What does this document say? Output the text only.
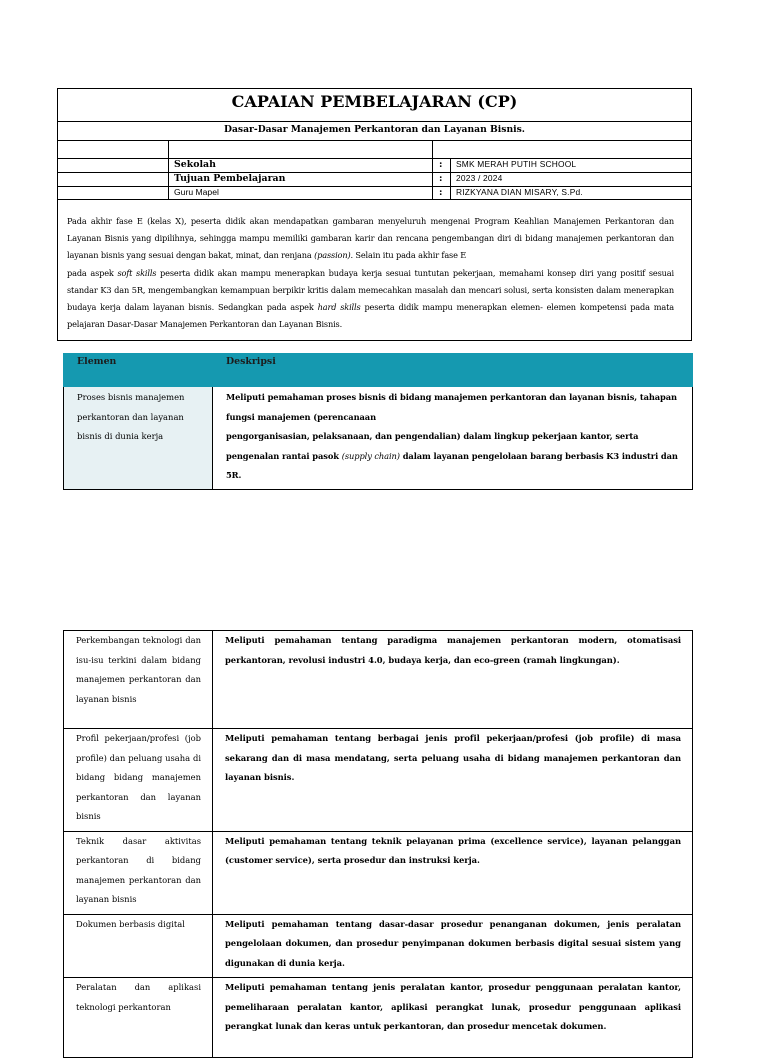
CAPAIAN PEMBELAJARAN (CP)
Dasar-Dasar Manajemen Perkantoran dan Layanan Bisnis.
Sekolah	: SMK MERAH PUTIH SCHOOL
Tujuan Pembelajaran	: 2023 / 2024
Guru Mapel	: RIZKYANA DIAN MISARY, S.Pd.

Pada akhir fase E (kelas X), peserta didik akan mendapatkan gambaran menyeluruh mengenai Program Keahlian Manajemen Perkantoran dan Layanan Bisnis yang dipilihnya, sehingga mampu memiliki gambaran karir dan rencana pengembangan diri di bidang manajemen perkantoran dan layanan bisnis yang sesuai dengan bakat, minat, dan renjana (passion). Selain itu pada akhir fase E

pada aspek soft skills peserta didik akan mampu menerapkan budaya kerja sesuai tuntutan pekerjaan, memahami konsep diri yang positif sesuai standar K3 dan 5R, mengembangkan kemampuan berpikir kritis dalam memecahkan masalah dan mencari solusi, serta konsisten dalam menerapkan budaya kerja dalam layanan bisnis. Sedangkan pada aspek hard skills peserta didik mampu menerapkan elemen- elemen kompetensi pada mata pelajaran Dasar-Dasar Manajemen Perkantoran dan Layanan Bisnis.

Elemen	Deskripsi
Proses bisnis manajemen perkantoran dan layanan bisnis di dunia kerja	Meliputi pemahaman proses bisnis di bidang manajemen perkantoran dan layanan bisnis, tahapan fungsi manajemen (perencanaan
pengorganisasian, pelaksanaan, dan pengendalian) dalam lingkup pekerjaan kantor, serta pengenalan rantai pasok (supply chain) dalam layanan pengelolaan barang berbasis K3 industri dan 5R.
Perkembangan teknologi dan isu-isu terkini dalam bidang manajemen perkantoran dan layanan bisnis	Meliputi pemahaman tentang paradigma manajemen perkantoran modern, otomatisasi perkantoran, revolusi industri 4.0, budaya kerja, dan eco-green (ramah lingkungan).
Profil pekerjaan/profesi (job profile) dan peluang usaha di bidang bidang manajemen perkantoran dan layanan bisnis	Meliputi pemahaman tentang berbagai jenis profil pekerjaan/profesi (job profile) di masa sekarang dan di masa mendatang, serta peluang usaha di bidang manajemen perkantoran dan layanan bisnis.
Teknik dasar aktivitas perkantoran di bidang manajemen perkantoran dan layanan bisnis	Meliputi pemahaman tentang teknik pelayanan prima (excellence service), layanan pelanggan (customer service), serta prosedur dan instruksi kerja.
Dokumen berbasis digital	Meliputi pemahaman tentang dasar-dasar prosedur penanganan dokumen, jenis peralatan pengelolaan dokumen, dan prosedur penyimpanan dokumen berbasis digital sesuai sistem yang digunakan di dunia kerja.
Peralatan dan aplikasi teknologi perkantoran	Meliputi pemahaman tentang jenis peralatan kantor, prosedur penggunaan peralatan kantor, pemeliharaan peralatan kantor, aplikasi perangkat lunak, prosedur penggunaan aplikasi perangkat lunak dan keras untuk perkantoran, dan prosedur mencetak dokumen.
